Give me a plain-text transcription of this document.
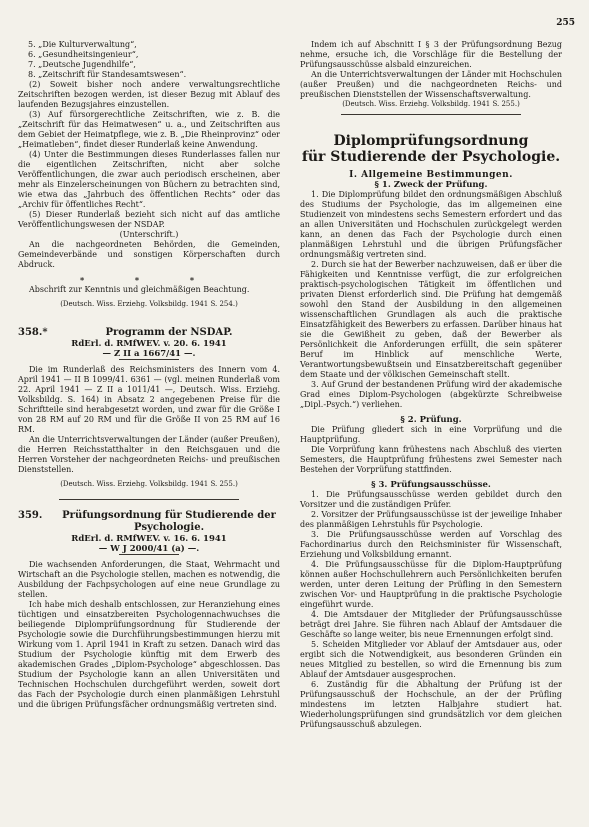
255
5. „Die Kulturverwaltung“,
6. „Gesundheitsingenieur“,
7. „Deutsche Jugendhilfe“,
8. „Zeitschrift für Standesamtswesen“.

(2) Soweit bisher noch andere verwaltungsrechtliche Zeitschriften bezogen werden, ist dieser Bezug mit Ablauf des laufenden Bezugsjahres einzustellen.

(3) Auf fürsorgerechtliche Zeitschriften, wie z. B. die „Zeitschrift für das Heimatwesen“ u. a., und Zeitschriften aus dem Gebiet der Heimatpflege, wie z. B. „Die Rheinprovinz“ oder „Heimatleben“, findet dieser Runderlaß keine Anwendung.

(4) Unter die Bestimmungen dieses Runderlasses fallen nur die eigentlichen Zeitschriften, nicht aber solche Veröffentlichungen, die zwar auch periodisch erscheinen, aber mehr als Einzelerscheinungen von Büchern zu betrachten sind, wie etwa das „Jahrbuch des öffentlichen Rechts“ oder das „Archiv für öffentliches Recht“.

(5) Dieser Runderlaß bezieht sich nicht auf das amtliche Veröffentlichungswesen der NSDAP.

(Unterschrift.)

An die nachgeordneten Behörden, die Gemeinden, Gemeindeverbände und sonstigen Körperschaften durch Abdruck.

* * *

Abschrift zur Kenntnis und gleichmäßigen Beachtung.

(Deutsch. Wiss. Erziehg. Volksbildg. 1941 S. 254.)

358.*	Programm der NSDAP.
RdErl. d. RMfWEV. v. 20. 6. 1941
— Z II a 1667/41 —.

Die im Runderlaß des Reichsministers des Innern vom 4. April 1941 — II B 1099/41. 6361 — (vgl. meinen Runderlaß vom 22. April 1941 — Z II a 1011/41 —, Deutsch. Wiss. Erziehg. Volksbildg. S. 164) in Absatz 2 angegebenen Preise für die Schriftteile sind herabgesetzt worden, und zwar für die Größe I von 28 RM auf 20 RM und für die Größe II von 25 RM auf 16 RM.

An die Unterrichtsverwaltungen der Länder (außer Preußen), die Herren Reichsstatthalter in den Reichsgauen und die Herren Vorsteher der nachgeordneten Reichs- und preußischen Dienststellen.

(Deutsch. Wiss. Erziehg. Volksbildg. 1941 S. 255.)

359.	Prüfungsordnung für Studierende der Psychologie.
RdErl. d. RMfWEV. v. 16. 6. 1941
— W J 2000/41 (a) —.

Die wachsenden Anforderungen, die Staat, Wehrmacht und Wirtschaft an die Psychologie stellen, machen es notwendig, die Ausbildung der Fachpsychologen auf eine neue Grundlage zu stellen.

Ich habe mich deshalb entschlossen, zur Heranziehung eines tüchtigen und einsatzbereiten Psychologennachwuchses die beiliegende Diplomprüfungsordnung für Studierende der Psychologie sowie die Durchführungsbestimmungen hierzu mit Wirkung vom 1. April 1941 in Kraft zu setzen. Danach wird das Studium der Psychologie künftig mit dem Erwerb des akademischen Grades „Diplom-Psychologe“ abgeschlossen. Das Studium der Psychologie kann an allen Universitäten und Technischen Hochschulen durchgeführt werden, soweit dort das Fach der Psychologie durch einen planmäßigen Lehrstuhl und die übrigen Prüfungsfächer ordnungsmäßig vertreten sind.

Indem ich auf Abschnitt I § 3 der Prüfungsordnung Bezug nehme, ersuche ich, die Vorschläge für die Bestellung der Prüfungsausschüsse alsbald einzureichen.

An die Unterrichtsverwaltungen der Länder mit Hochschulen (außer Preußen) und die nachgeordneten Reichs- und preußischen Dienststellen der Wissenschaftsverwaltung.

(Deutsch. Wiss. Erziehg. Volksbildg. 1941 S. 255.)

Diplomprüfungsordnung
für Studierende der Psychologie.
I. Allgemeine Bestimmungen.
§ 1. Zweck der Prüfung.

1. Die Diplomprüfung bildet den ordnungsmäßigen Abschluß des Studiums der Psychologie, das im allgemeinen eine Studienzeit von mindestens sechs Semestern erfordert und das an allen Universitäten und Hochschulen zurückgelegt werden kann, an denen das Fach der Psychologie durch einen planmäßigen Lehrstuhl und die übrigen Prüfungsfächer ordnungsmäßig vertreten sind.

2. Durch sie hat der Bewerber nachzuweisen, daß er über die Fähigkeiten und Kenntnisse verfügt, die zur erfolgreichen praktisch-psychologischen Tätigkeit im öffentlichen und privaten Dienst erforderlich sind. Die Prüfung hat demgemäß sowohl den Stand der Ausbildung in den allgemeinen wissenschaftlichen Grundlagen als auch die praktische Einsatzfähigkeit des Bewerbers zu erfassen. Darüber hinaus hat sie die Gewißheit zu geben, daß der Bewerber als Persönlichkeit die Anforderungen erfüllt, die sein späterer Beruf im Hinblick auf menschliche Werte, Verantwortungsbewußtsein und Einsatzbereitschaft gegenüber dem Staate und der völkischen Gemeinschaft stellt.

3. Auf Grund der bestandenen Prüfung wird der akademische Grad eines Diplom-Psychologen (abgekürzte Schreibweise „Dipl.-Psych.“) verliehen.

§ 2. Prüfung.

Die Prüfung gliedert sich in eine Vorprüfung und die Hauptprüfung.

Die Vorprüfung kann frühestens nach Abschluß des vierten Semesters, die Hauptprüfung frühestens zwei Semester nach Bestehen der Vorprüfung stattfinden.

§ 3. Prüfungsausschüsse.

1. Die Prüfungsausschüsse werden gebildet durch den Vorsitzer und die zuständigen Prüfer.

2. Vorsitzer der Prüfungsausschüsse ist der jeweilige Inhaber des planmäßigen Lehrstuhls für Psychologie.

3. Die Prüfungsausschüsse werden auf Vorschlag des Fachordinarius durch den Reichsminister für Wissenschaft, Erziehung und Volksbildung ernannt.

4. Die Prüfungsausschüsse für die Diplom-Hauptprüfung können außer Hochschullehrern auch Persönlichkeiten berufen werden, unter deren Leitung der Prüfling in den Semestern zwischen Vor- und Hauptprüfung in die praktische Psychologie eingeführt wurde.

4. Die Amtsdauer der Mitglieder der Prüfungsausschüsse beträgt drei Jahre. Sie führen nach Ablauf der Amtsdauer die Geschäfte so lange weiter, bis neue Ernennungen erfolgt sind.

5. Scheiden Mitglieder vor Ablauf der Amtsdauer aus, oder ergibt sich die Notwendigkeit, aus besonderen Gründen ein neues Mitglied zu bestellen, so wird die Ernennung bis zum Ablauf der Amtsdauer ausgesprochen.

6. Zuständig für die Abhaltung der Prüfung ist der Prüfungsausschuß der Hochschule, an der der Prüfling mindestens im letzten Halbjahre studiert hat. Wiederholungsprüfungen sind grundsätzlich vor dem gleichen Prüfungsausschuß abzulegen.
